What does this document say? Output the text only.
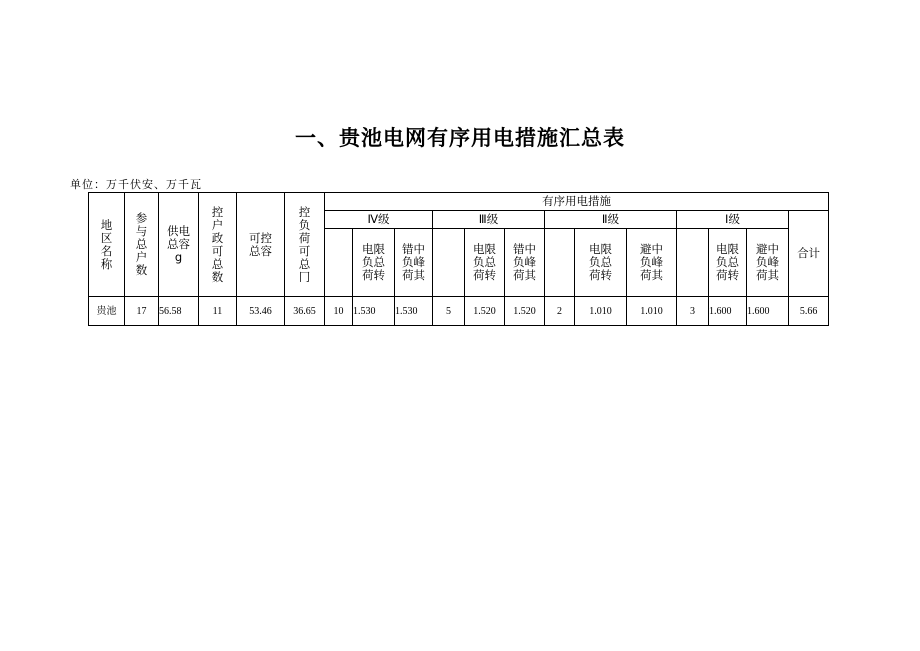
一、贵池电网有序用电措施汇总表
单位：万千伏安、万千瓦
地区名称	参与总户数	供电总容g	控户政可总数	可控总容	控负荷可总冂	有序用电措施												
						Ⅳ级			Ⅲ级			Ⅱ级			Ⅰ级			合计
							电限负总荷转	错中负峰荷其		电限负总荷转	错中负峰荷其		电限负总荷转	避中负峰荷其		电限负总荷转	避中负峰荷其	
贵池	17	56.58	11	53.46	36.65	10	1.530	1.530	5	1.520	1.520	2	1.010	1.010	3	1.600	1.600	5.66
